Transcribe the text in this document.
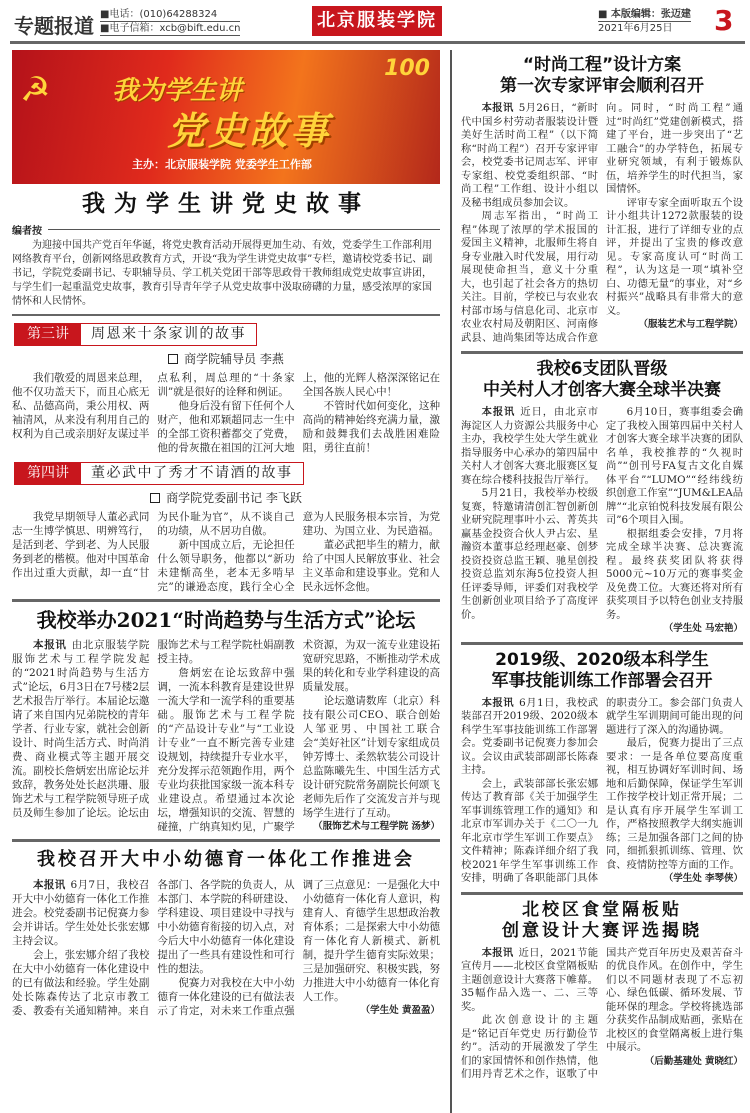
专题报道 ■电话：(010)64288324
■电子信箱：xcb@bift.edu.cn	北京服装学院	■ 本版编辑：张迈建
2021年6月25日	3
☭
100
我为学生讲
党史故事
主办：北京服装学院 党委学生工作部
我为学生讲党史故事
编者按
为迎接中国共产党百年华诞，将党史教育活动开展得更加生动、有效，党委学生工作部利用网络教育平台，创新网络思政教育方式，开设“我为学生讲党史故事”专栏，邀请校党委书记、副书记，学院党委副书记、专职辅导员、学工机关党团干部等思政骨干教师组成党史故事宣讲团，与学生们一起重温党史故事，教育引导青年学子从党史故事中汲取磅礴的力量，感受浓厚的家国情怀和人民情怀。
第三讲	周恩来十条家训的故事
商学院辅导员 李燕

我们敬爱的周恩来总理，他不仅功盖天下，而且心底无私、品德高尚，秉公用权、两袖清风，从来没有利用自己的权利为自己或亲朋好友谋过半点私利，周总理的“十条家训”就是很好的诠释和例证。

他身后没有留下任何个人财产，他和邓颖超同志一生中的全部工资积蓄都交了党费，他的骨灰撒在祖国的江河大地上，他的光辉人格深深铭记在全国各族人民心中！

不管时代如何变化，这种高尚的精神始终充满力量，激励和鼓舞我们去战胜困难险阻，勇往直前！

第四讲	董必武中了秀才不请酒的故事
商学院党委副书记 李飞跃

我党早期领导人董必武同志一生博学慎思、明辨笃行，是活到老、学到老、为人民服务到老的楷模。他对中国革命作出过重大贡献，却一直“甘为民仆耻为官”，从不谈自己的功绩，从不居功自傲。

新中国成立后，无论担任什么领导职务，他都以“新功未建惭高坐，老本无多啃早完”的谦逊态度，践行全心全意为人民服务根本宗旨，为党建功、为国立业、为民造福。

董必武把毕生的精力，献给了中国人民解放事业、社会主义革命和建设事业。党和人民永远怀念他。

我校举办2021“时尚趋势与生活方式”论坛

本报讯 由北京服装学院服饰艺术与工程学院发起的“2021时尚趋势与生活方式”论坛，6月3日在7号楼2层艺术报告厅举行。本届论坛邀请了来自国内兄弟院校的青年学者、行业专家，就社会创新设计、时尚生活方式、时尚消费、商业模式等主题开展交流。副校长詹炳宏出席论坛并致辞，教务处处长赵洪珊、服饰艺术与工程学院领导班子成员及师生参加了论坛。论坛由服饰艺术与工程学院杜娟副教授主持。

詹炳宏在论坛致辞中强调，一流本科教育是建设世界一流大学和一流学科的重要基础。服饰艺术与工程学院的“产品设计专业”与“工业设计专业”一直不断完善专业建设规划，持续提升专业水平，充分发挥示范领跑作用，两个专业均获批国家级一流本科专业建设点。希望通过本次论坛，增强知识的交流、智慧的碰撞，广纳真知灼见，广聚学术资源，为双一流专业建设拓宽研究思路，不断推动学术成果的转化和专业学科建设的高质量发展。

论坛邀请数库（北京）科技有限公司CEO、联合创始人邹亚男、中国社工联合会“美好社区”计划专家组成员钟芳博士、柔然软装公司设计总监陈曦先生、中国生活方式设计研究院常务副院长何颂飞老师先后作了交流发言并与现场学生进行了互动。

（服饰艺术与工程学院 汤梦）

我校召开大中小幼德育一体化工作推进会

本报讯 6月7日，我校召开大中小幼德育一体化工作推进会。校党委副书记倪赛力参会并讲话。学生处处长张宏娜主持会议。

会上，张宏娜介绍了我校在大中小幼德育一体化建设中的已有做法和经验。学生处副处长陈森传达了北京市教工委、教委有关通知精神。来自各部门、各学院的负责人，从本部门、本学院的科研建设、学科建设、项目建设中寻找与中小幼德育衔接的切入点，对今后大中小幼德育一体化建设提出了一些具有建设性和可行性的想法。

倪赛力对我校在大中小幼德育一体化建设的已有做法表示了肯定，对未来工作重点强调了三点意见：一是强化大中小幼德育一体化育人意识，构建育人、育德学生思想政治教育体系；二是探索大中小幼德育一体化育人新模式、新机制，提升学生德育实际效果；三是加强研究、积极实践，努力推进大中小幼德育一体化育人工作。

（学生处 黄盈盈）

“时尚工程”设计方案
第一次专家评审会顺利召开

本报讯 5月26日，“新时代中国乡村劳动者服装设计暨美好生活时尚工程”（以下简称“时尚工程”）召开专家评审会，校党委书记周志军、评审专家组、校党委组织部、“时尚工程”工作组、设计小组以及秘书组成员参加会议。

周志军指出，“时尚工程”体现了浓厚的学术报国的爱国主义精神，北服师生将自身专业融入时代发展，用行动展现使命担当，意义十分重大，也引起了社会各方的热切关注。目前，学校已与农业农村部市场与信息化司、北京市农业农村局及朝阳区、河南修武县、迪尚集团等达成合作意向。同时，“时尚工程”通过“时尚红”党建创新模式，搭建了平台，进一步突出了“艺工融合”的办学特色，拓展专业研究领域，有利于锻炼队伍，培养学生的时代担当，家国情怀。

评审专家全面听取五个设计小组共计1272款服装的设计汇报，进行了详细专业的点评，并提出了宝贵的修改意见。专家高度认可“时尚工程”，认为这是一项“填补空白、功德无量”的事业，对“乡村振兴”战略具有非常大的意义。

（服装艺术与工程学院）

我校6支团队晋级
中关村人才创客大赛全球半决赛

本报讯 近日，由北京市海淀区人力资源公共服务中心主办，我校学生处大学生就业指导服务中心承办的第四届中关村人才创客大赛北服赛区复赛在综合楼科技报告厅举行。

5月21日，我校举办校级复赛，特邀请清创汇智创新创业研究院理事叶小云、菁英共赢基金投资合伙人尹占宏、星瀚资本董事总经理赵豪、创梦投资投资总监王颖、驰星创投投资总监刘东海5位投资人担任评委导师，评委们对我校学生创新创业项目给予了高度评价。

6月10日，赛事组委会确定了我校入围第四届中关村人才创客大赛全球半决赛的团队名单，我校推荐的“久视时尚”“创刊号FA复古文化自媒体平台”“LUMO”“经纬线纺织创意工作室”“JUM&LEA品牌”“北京铂悦科技发展有限公司”6个项目入围。

根据组委会安排，7月将完成全球半决赛、总决赛流程。最终获奖团队将获得5000元~10万元的赛事奖金及免费工位。大赛还将对所有获奖项目予以特色创业支持服务。

（学生处 马宏艳）

2019级、2020级本科学生
军事技能训练工作部署会召开

本报讯 6月1日，我校武装部召开2019级、2020级本科学生军事技能训练工作部署会。党委副书记倪赛力参加会议。会议由武装部副部长陈森主持。

会上，武装部部长张宏娜传达了教育部《关于加强学生军事训练管理工作的通知》和北京市军训办关于《二〇一九年北京市学生军训工作要点》文件精神；陈森详细介绍了我校2021年学生军事训练工作安排，明确了各职能部门具体的职责分工。参会部门负责人就学生军训期间可能出现的问题进行了深入的沟通协调。

最后，倪赛力提出了三点要求：一是各单位要高度重视，相互协调好军训时间、场地和后勤保障，保证学生军训工作按学校计划正常开展；二是认真有序开展学生军训工作，严格按照教学大纲实施训练；三是加强各部门之间的协同，细抓狠抓训练、管理、饮食、疫情防控等方面的工作。

（学生处 李琴侠）

北校区食堂隔板贴
创意设计大赛评选揭晓

本报讯 近日，2021节能宣传月——北校区食堂隔板贴主题创意设计大赛落下帷幕。35幅作品入选一、二、三等奖。

此次创意设计的主题是“铭记百年党史 历行勤俭节约”。活动的开展激发了学生们的家国情怀和创作热情，他们用丹青艺术之作，讴歌了中国共产党百年历史及艰苦奋斗的优良作风。在创作中，学生们以不同题材表现了不忘初心、绿色低碳、循环发展、节能环保的理念。学校将挑选部分获奖作品制成贴画，张贴在北校区的食堂隔离板上进行集中展示。

（后勤基建处 黄晓红）
